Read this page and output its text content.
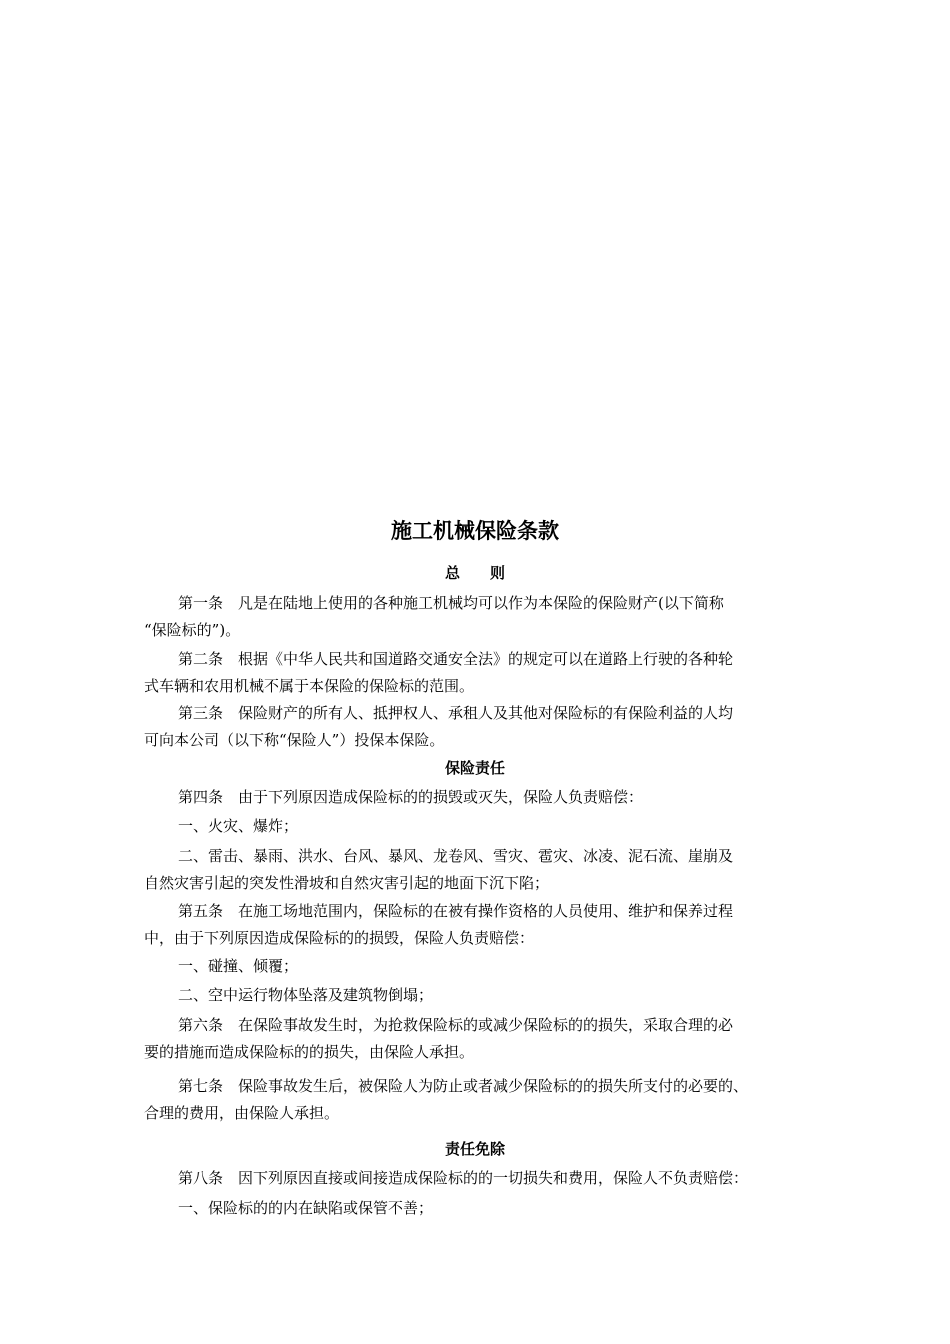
施工机械保险条款
总　　则

第一条　凡是在陆地上使用的各种施工机械均可以作为本保险的保险财产(以下简称
“保险标的”)。

第二条　根据《中华人民共和国道路交通安全法》的规定可以在道路上行驶的各种轮
式车辆和农用机械不属于本保险的保险标的范围。

第三条　保险财产的所有人、抵押权人、承租人及其他对保险标的有保险利益的人均
可向本公司（以下称“保险人”）投保本保险。

保险责任

第四条　由于下列原因造成保险标的的损毁或灭失，保险人负责赔偿：

一、火灾、爆炸；

二、雷击、暴雨、洪水、台风、暴风、龙卷风、雪灾、雹灾、冰凌、泥石流、崖崩及
自然灾害引起的突发性滑坡和自然灾害引起的地面下沉下陷；

第五条　在施工场地范围内，保险标的在被有操作资格的人员使用、维护和保养过程
中，由于下列原因造成保险标的的损毁，保险人负责赔偿：

一、碰撞、倾覆；

二、空中运行物体坠落及建筑物倒塌；

第六条　在保险事故发生时，为抢救保险标的或减少保险标的的损失，采取合理的必
要的措施而造成保险标的的损失，由保险人承担。

第七条　保险事故发生后，被保险人为防止或者减少保险标的的损失所支付的必要的、
合理的费用，由保险人承担。

责任免除

第八条　因下列原因直接或间接造成保险标的的一切损失和费用，保险人不负责赔偿：

一、保险标的的内在缺陷或保管不善；
